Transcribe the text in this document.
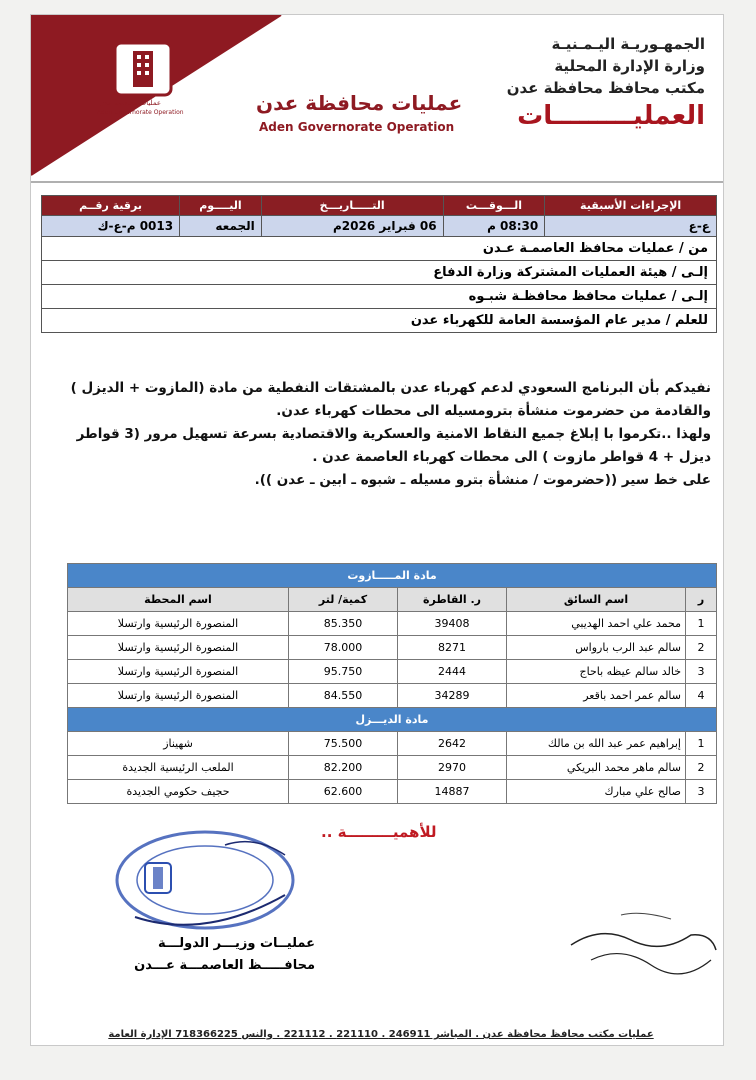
عمليات محافظة عدن
Aden Governorate Operation	عمليات محافظة عدن
Aden Governorate Operation
الجمهـوريـة اليـمـنيـة
وزارة الإدارة المحلية
مكتب محافظ محافظة عدن
العمليـــــــــات
الإجراءات الأسبقية	الـــوقـــت	التـــــاريـــخ	اليــــوم	برقية رقــم
ع-ع	08:30 م	06 فبراير 2026م	الجمعه	0013 م-ع-ك
من / عمليات محافظ العاصمـة عـدن
إلـى / هيئة العمليات المشتركة وزارة الدفاع
إلـى / عمليات محافظ محافظـة شبـوه
للعلم / مدير عام المؤسسة العامة للكهرباء عدن

نفيدكم بأن البرنامج السعودي لدعم كهرباء عدن بالمشتقات النفطية من مادة (المازوت + الديزل ) والقادمة من حضرموت منشأة بترومسيله الى محطات كهرباء عدن.

ولهذا ..تكرموا با إبلاغ جميع النقاط الامنية والعسكرية والاقتصادية بسرعة تسهيل مرور (3 قواطر ديزل + 4 قواطر مازوت ) الى محطات كهرباء العاصمة عدن .

على خط سير ((حضرموت / منشأة بترو مسيله ـ شبوه ـ ابين ـ عدن )).

مادة المـــــازوت				
ر	اسم السائق	ر. القاطرة	كمية/ لتر	اسم المحطة
1	محمد علي احمد الهديبي	39408	85.350	المنصورة الرئيسية وارتسلا
2	سالم عبد الرب بارواس	8271	78.000	المنصورة الرئيسية وارتسلا
3	خالد سالم عيظه باحاج	2444	95.750	المنصورة الرئيسية وارتسلا
4	سالم عمر احمد باقعر	34289	84.550	المنصورة الرئيسية وارتسلا
مادة الديـــزل				
1	إبراهيم عمر عبد الله بن مالك	2642	75.500	شهيناز
2	سالم ماهر محمد البريكي	2970	82.200	الملعب الرئيسية الجديدة
3	صالح علي مبارك	14887	62.600	حجيف حكومي الجديدة
للأهميـــــــــة ..
عمليــات وزيـــر الدولـــة
محافـــــظ العاصمـــة عـــدن
عمليات مكتب محافظ محافظة عدن . المباشر 246911 . 221110 . 221112 . والنس 718366225 الإدارة العامة
